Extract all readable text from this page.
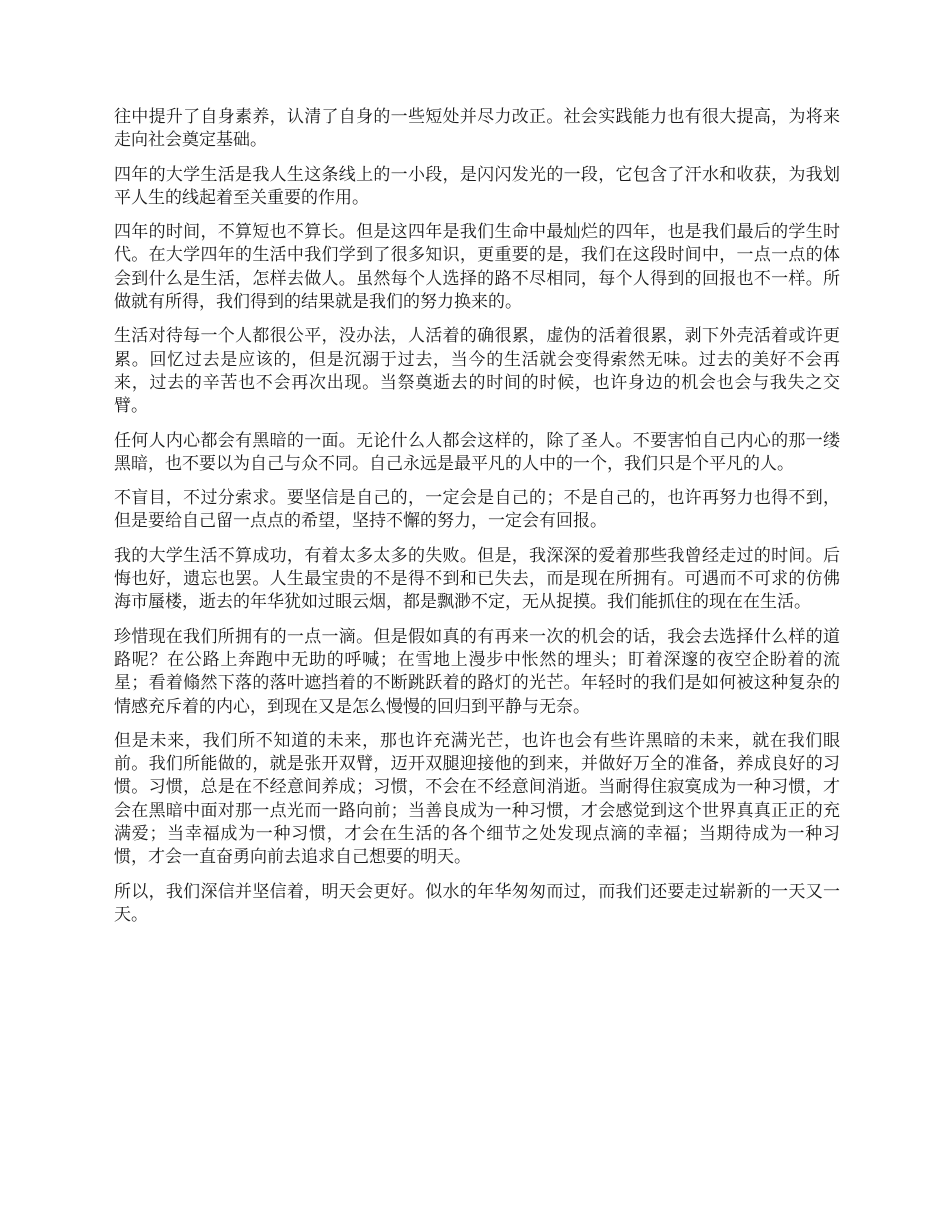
往中提升了自身素养，认清了自身的一些短处并尽力改正。社会实践能力也有很大提高，为将来走向社会奠定基础。

四年的大学生活是我人生这条线上的一小段，是闪闪发光的一段，它包含了汗水和收获，为我划平人生的线起着至关重要的作用。

四年的时间，不算短也不算长。但是这四年是我们生命中最灿烂的四年，也是我们最后的学生时代。在大学四年的生活中我们学到了很多知识，更重要的是，我们在这段时间中，一点一点的体会到什么是生活，怎样去做人。虽然每个人选择的路不尽相同，每个人得到的回报也不一样。所做就有所得，我们得到的结果就是我们的努力换来的。

生活对待每一个人都很公平，没办法，人活着的确很累，虚伪的活着很累，剥下外壳活着或许更累。回忆过去是应该的，但是沉溺于过去，当今的生活就会变得索然无味。过去的美好不会再来，过去的辛苦也不会再次出现。当祭奠逝去的时间的时候，也许身边的机会也会与我失之交臂。

任何人内心都会有黑暗的一面。无论什么人都会这样的，除了圣人。不要害怕自己内心的那一缕黑暗，也不要以为自己与众不同。自己永远是最平凡的人中的一个，我们只是个平凡的人。

不盲目，不过分索求。要坚信是自己的，一定会是自己的；不是自己的，也许再努力也得不到，但是要给自己留一点点的希望，坚持不懈的努力，一定会有回报。

我的大学生活不算成功，有着太多太多的失败。但是，我深深的爱着那些我曾经走过的时间。后悔也好，遗忘也罢。人生最宝贵的不是得不到和已失去，而是现在所拥有。可遇而不可求的仿佛海市蜃楼，逝去的年华犹如过眼云烟，都是飘渺不定，无从捉摸。我们能抓住的现在在生活。

珍惜现在我们所拥有的一点一滴。但是假如真的有再来一次的机会的话，我会去选择什么样的道路呢？在公路上奔跑中无助的呼喊；在雪地上漫步中怅然的埋头；盯着深邃的夜空企盼着的流星；看着翛然下落的落叶遮挡着的不断跳跃着的路灯的光芒。年轻时的我们是如何被这种复杂的情感充斥着的内心，到现在又是怎么慢慢的回归到平静与无奈。

但是未来，我们所不知道的未来，那也许充满光芒，也许也会有些许黑暗的未来，就在我们眼前。我们所能做的，就是张开双臂，迈开双腿迎接他的到来，并做好万全的准备，养成良好的习惯。习惯，总是在不经意间养成；习惯，不会在不经意间消逝。当耐得住寂寞成为一种习惯，才会在黑暗中面对那一点光而一路向前；当善良成为一种习惯，才会感觉到这个世界真真正正的充满爱；当幸福成为一种习惯，才会在生活的各个细节之处发现点滴的幸福；当期待成为一种习惯，才会一直奋勇向前去追求自己想要的明天。

所以，我们深信并坚信着，明天会更好。似水的年华匆匆而过，而我们还要走过崭新的一天又一天。
